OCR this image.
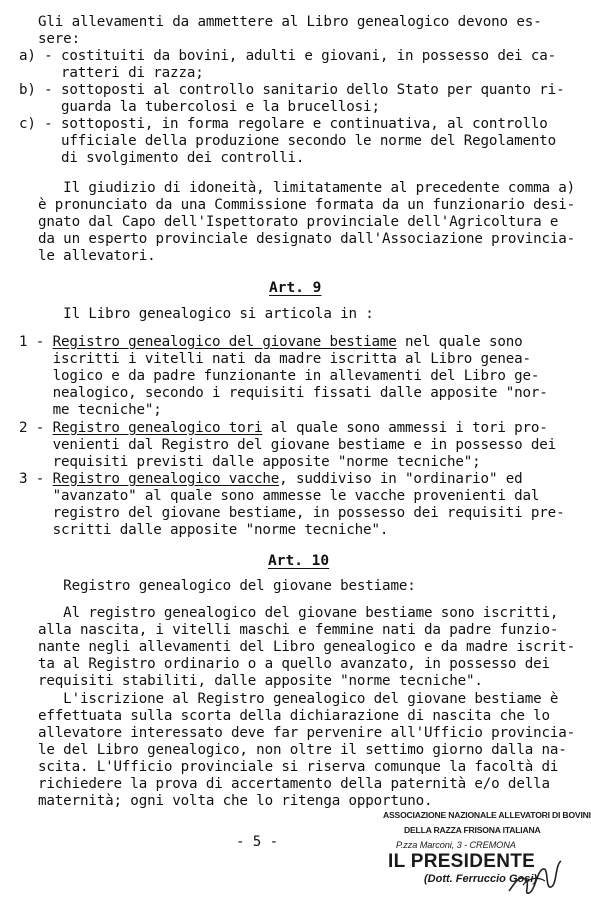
Gli allevamenti da ammettere al Libro genealogico devono es-
sere:
a) - costituiti da bovini, adulti e giovani, in possesso dei ca-
ratteri di razza;
b) - sottoposti al controllo sanitario dello Stato per quanto ri-
guarda la tubercolosi e la brucellosi;
c) - sottoposti, in forma regolare e continuativa, al controllo
ufficiale della produzione secondo le norme del Regolamento
di svolgimento dei controlli.
Il giudizio di idoneità, limitatamente al precedente comma a)
è pronunciato da una Commissione formata da un funzionario desi-
gnato dal Capo dell'Ispettorato provinciale dell'Agricoltura e
da un esperto provinciale designato dall'Associazione provincia-
le allevatori.
Art. 9
Il Libro genealogico si articola in :
1 - Registro genealogico del giovane bestiame nel quale sono
iscritti i vitelli nati da madre iscritta al Libro genea-
logico e da padre funzionante in allevamenti del Libro ge-
nealogico, secondo i requisiti fissati dalle apposite "nor-
me tecniche";
2 - Registro genealogico tori al quale sono ammessi i tori pro-
venienti dal Registro del giovane bestiame e in possesso dei
requisiti previsti dalle apposite "norme tecniche";
3 - Registro genealogico vacche, suddiviso in "ordinario" ed
"avanzato" al quale sono ammesse le vacche provenienti dal
registro del giovane bestiame, in possesso dei requisiti pre-
scritti dalle apposite "norme tecniche".
Art. 10
Registro genealogico del giovane bestiame:
Al registro genealogico del giovane bestiame sono iscritti,
alla nascita, i vitelli maschi e femmine nati da padre funzio-
nante negli allevamenti del Libro genealogico e da madre iscrit-
ta al Registro ordinario o a quello avanzato, in possesso dei
requisiti stabiliti, dalle apposite "norme tecniche".
L'iscrizione al Registro genealogico del giovane bestiame è
effettuata sulla scorta della dichiarazione di nascita che lo
allevatore interessato deve far pervenire all'Ufficio provincia-
le del Libro genealogico, non oltre il settimo giorno dalla na-
scita. L'Ufficio provinciale si riserva comunque la facoltà di
richiedere la prova di accertamento della paternità e/o della
maternità; ogni volta che lo ritenga opportuno.
- 5 -
ASSOCIAZIONE NAZIONALE ALLEVATORI DI BOVINI
DELLA RAZZA FRISONA ITALIANA
P.zza Marconi, 3 - CREMONA
IL PRESIDENTE
(Dott. Ferruccio Gosi)
